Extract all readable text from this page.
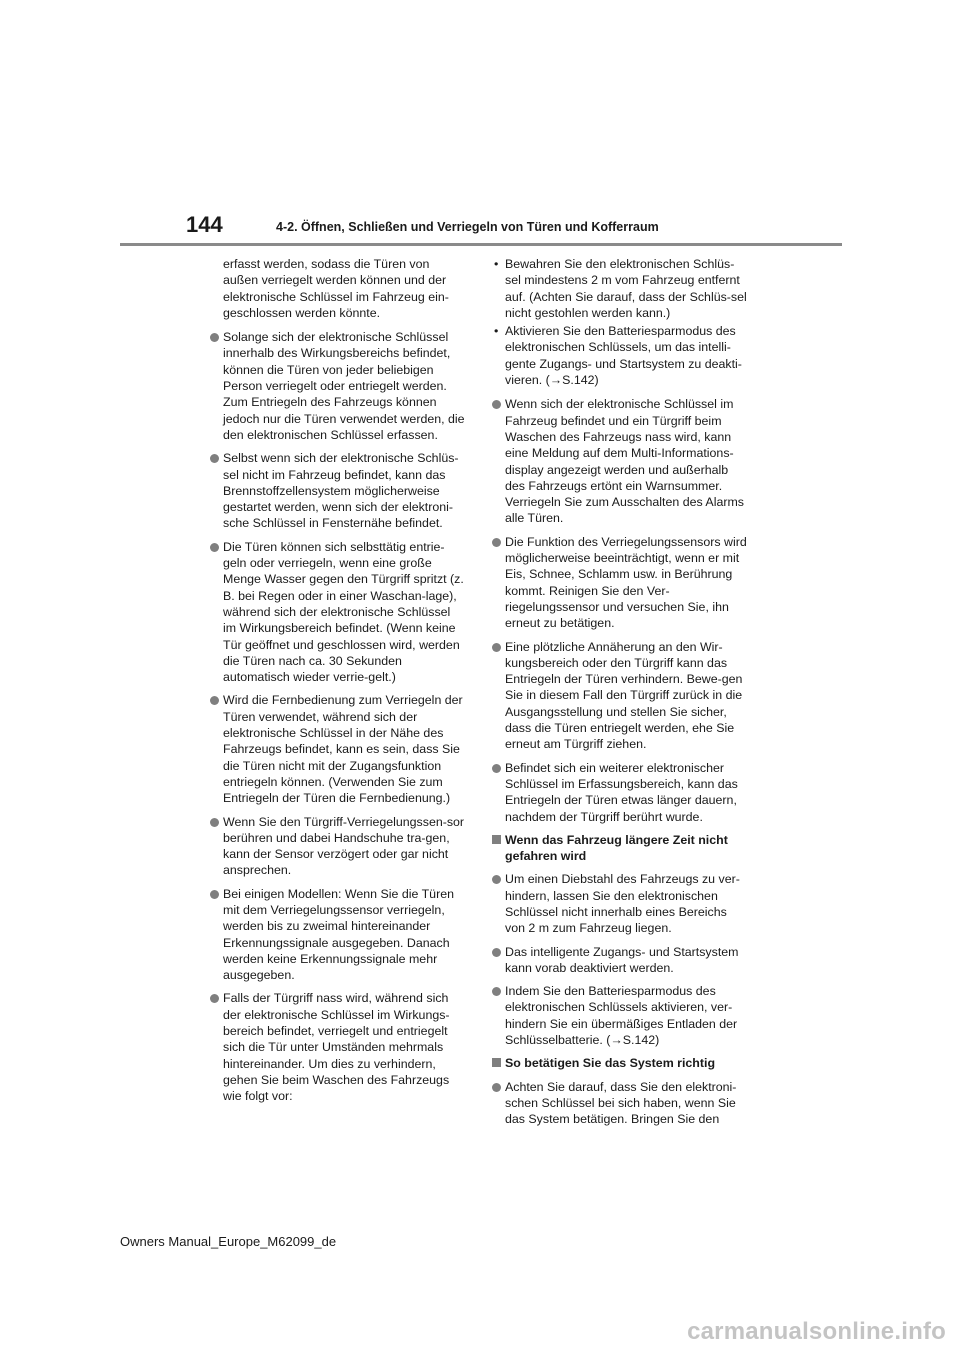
144	4-2. Öffnen, Schließen und Verriegeln von Türen und Kofferraum

erfasst werden, sodass die Türen von außen verriegelt werden können und der elektronische Schlüssel im Fahrzeug ein-geschlossen werden könnte.

Solange sich der elektronische Schlüssel innerhalb des Wirkungsbereichs befindet, können die Türen von jeder beliebigen Person verriegelt oder entriegelt werden. Zum Entriegeln des Fahrzeugs können jedoch nur die Türen verwendet werden, die den elektronischen Schlüssel erfassen.
Selbst wenn sich der elektronische Schlüs-sel nicht im Fahrzeug befindet, kann das Brennstoffzellensystem möglicherweise gestartet werden, wenn sich der elektroni-sche Schlüssel in Fensternähe befindet.
Die Türen können sich selbsttätig entrie-geln oder verriegeln, wenn eine große Menge Wasser gegen den Türgriff spritzt (z. B. bei Regen oder in einer Waschan-lage), während sich der elektronische Schlüssel im Wirkungsbereich befindet. (Wenn keine Tür geöffnet und geschlossen wird, werden die Türen nach ca. 30 Sekunden automatisch wieder verrie-gelt.)
Wird die Fernbedienung zum Verriegeln der Türen verwendet, während sich der elektronische Schlüssel in der Nähe des Fahrzeugs befindet, kann es sein, dass Sie die Türen nicht mit der Zugangsfunktion entriegeln können. (Verwenden Sie zum Entriegeln der Türen die Fernbedienung.)
Wenn Sie den Türgriff-Verriegelungssen-sor berühren und dabei Handschuhe tra-gen, kann der Sensor verzögert oder gar nicht ansprechen.
Bei einigen Modellen: Wenn Sie die Türen mit dem Verriegelungssensor verriegeln, werden bis zu zweimal hintereinander Erkennungssignale ausgegeben. Danach werden keine Erkennungssignale mehr ausgegeben.
Falls der Türgriff nass wird, während sich der elektronische Schlüssel im Wirkungs-bereich befindet, verriegelt und entriegelt sich die Tür unter Umständen mehrmals hintereinander. Um dies zu verhindern, gehen Sie beim Waschen des Fahrzeugs wie folgt vor:
• Bewahren Sie den elektronischen Schlüs-sel mindestens 2 m vom Fahrzeug entfernt auf. (Achten Sie darauf, dass der Schlüs-sel nicht gestohlen werden kann.)
• Aktivieren Sie den Batteriesparmodus des elektronischen Schlüssels, um das intelli-gente Zugangs- und Startsystem zu deakti-vieren. (→S.142)
Wenn sich der elektronische Schlüssel im Fahrzeug befindet und ein Türgriff beim Waschen des Fahrzeugs nass wird, kann eine Meldung auf dem Multi-Informations-display angezeigt werden und außerhalb des Fahrzeugs ertönt ein Warnsummer. Verriegeln Sie zum Ausschalten des Alarms alle Türen.
Die Funktion des Verriegelungssensors wird möglicherweise beeinträchtigt, wenn er mit Eis, Schnee, Schlamm usw. in Berührung kommt. Reinigen Sie den Ver-riegelungssensor und versuchen Sie, ihn erneut zu betätigen.
Eine plötzliche Annäherung an den Wir-kungsbereich oder den Türgriff kann das Entriegeln der Türen verhindern. Bewe-gen Sie in diesem Fall den Türgriff zurück in die Ausgangsstellung und stellen Sie sicher, dass die Türen entriegelt werden, ehe Sie erneut am Türgriff ziehen.
Befindet sich ein weiterer elektronischer Schlüssel im Erfassungsbereich, kann das Entriegeln der Türen etwas länger dauern, nachdem der Türgriff berührt wurde.
Wenn das Fahrzeug längere Zeit nicht gefahren wird
Um einen Diebstahl des Fahrzeugs zu ver-hindern, lassen Sie den elektronischen Schlüssel nicht innerhalb eines Bereichs von 2 m zum Fahrzeug liegen.
Das intelligente Zugangs- und Startsystem kann vorab deaktiviert werden.
Indem Sie den Batteriesparmodus des elektronischen Schlüssels aktivieren, ver-hindern Sie ein übermäßiges Entladen der Schlüsselbatterie. (→S.142)
So betätigen Sie das System richtig
Achten Sie darauf, dass Sie den elektroni-schen Schlüssel bei sich haben, wenn Sie das System betätigen. Bringen Sie den
Owners Manual_Europe_M62099_de
carmanualsonline.info
